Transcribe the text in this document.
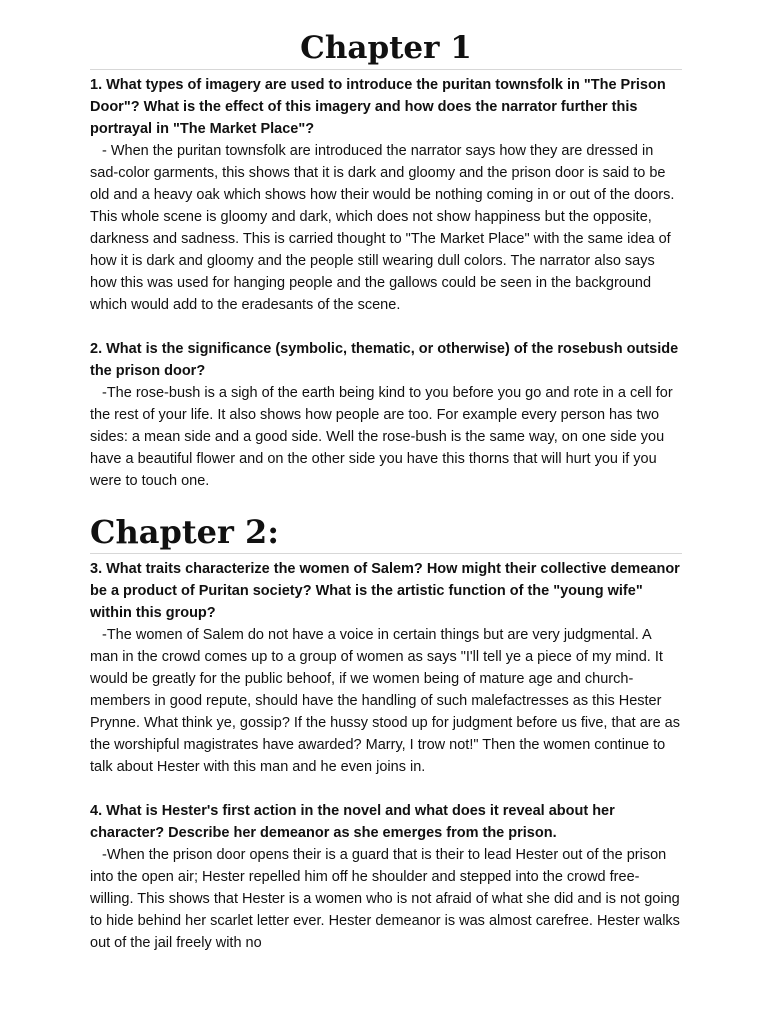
Chapter 1

1. What types of imagery are used to introduce the puritan townsfolk in "The Prison Door"? What is the effect of this imagery and how does the narrator further this portrayal in "The Market Place"?

- When the puritan townsfolk are introduced the narrator says how they are dressed in sad-color garments, this shows that it is dark and gloomy and the prison door is said to be old and a heavy oak which shows how their would be nothing coming in or out of the doors. This whole scene is gloomy and dark, which does not show happiness but the opposite, darkness and sadness. This is carried thought to "The Market Place" with the same idea of how it is dark and gloomy and the people still wearing dull colors. The narrator also says how this was used for hanging people and the gallows could be seen in the background which would add to the eradesants of the scene.

2. What is the significance (symbolic, thematic, or otherwise) of the rosebush outside the prison door?

-The rose-bush is a sigh of the earth being kind to you before you go and rote in a cell for the rest of your life. It also shows how people are too. For example every person has two sides: a mean side and a good side. Well the rose-bush is the same way, on one side you have a beautiful flower and on the other side you have this thorns that will hurt you if you were to touch one.

Chapter 2:

3. What traits characterize the women of Salem? How might their collective demeanor be a product of Puritan society? What is the artistic function of the "young wife" within this group?

-The women of Salem do not have a voice in certain things but are very judgmental. A man in the crowd comes up to a group of women as says "I'll tell ye a piece of my mind. It would be greatly for the public behoof, if we women being of mature age and church-members in good repute, should have the handling of such malefactresses as this Hester Prynne. What think ye, gossip? If the hussy stood up for judgment before us five, that are as the worshipful magistrates have awarded? Marry, I trow not!" Then the women continue to talk about Hester with this man and he even joins in.

4. What is Hester's first action in the novel and what does it reveal about her character? Describe her demeanor as she emerges from the prison.

-When the prison door opens their is a guard that is their to lead Hester out of the prison into the open air; Hester repelled him off he shoulder and stepped into the crowd free-willing. This shows that Hester is a women who is not afraid of what she did and is not going to hide behind her scarlet letter ever. Hester demeanor is was almost carefree. Hester walks out of the jail freely with no
